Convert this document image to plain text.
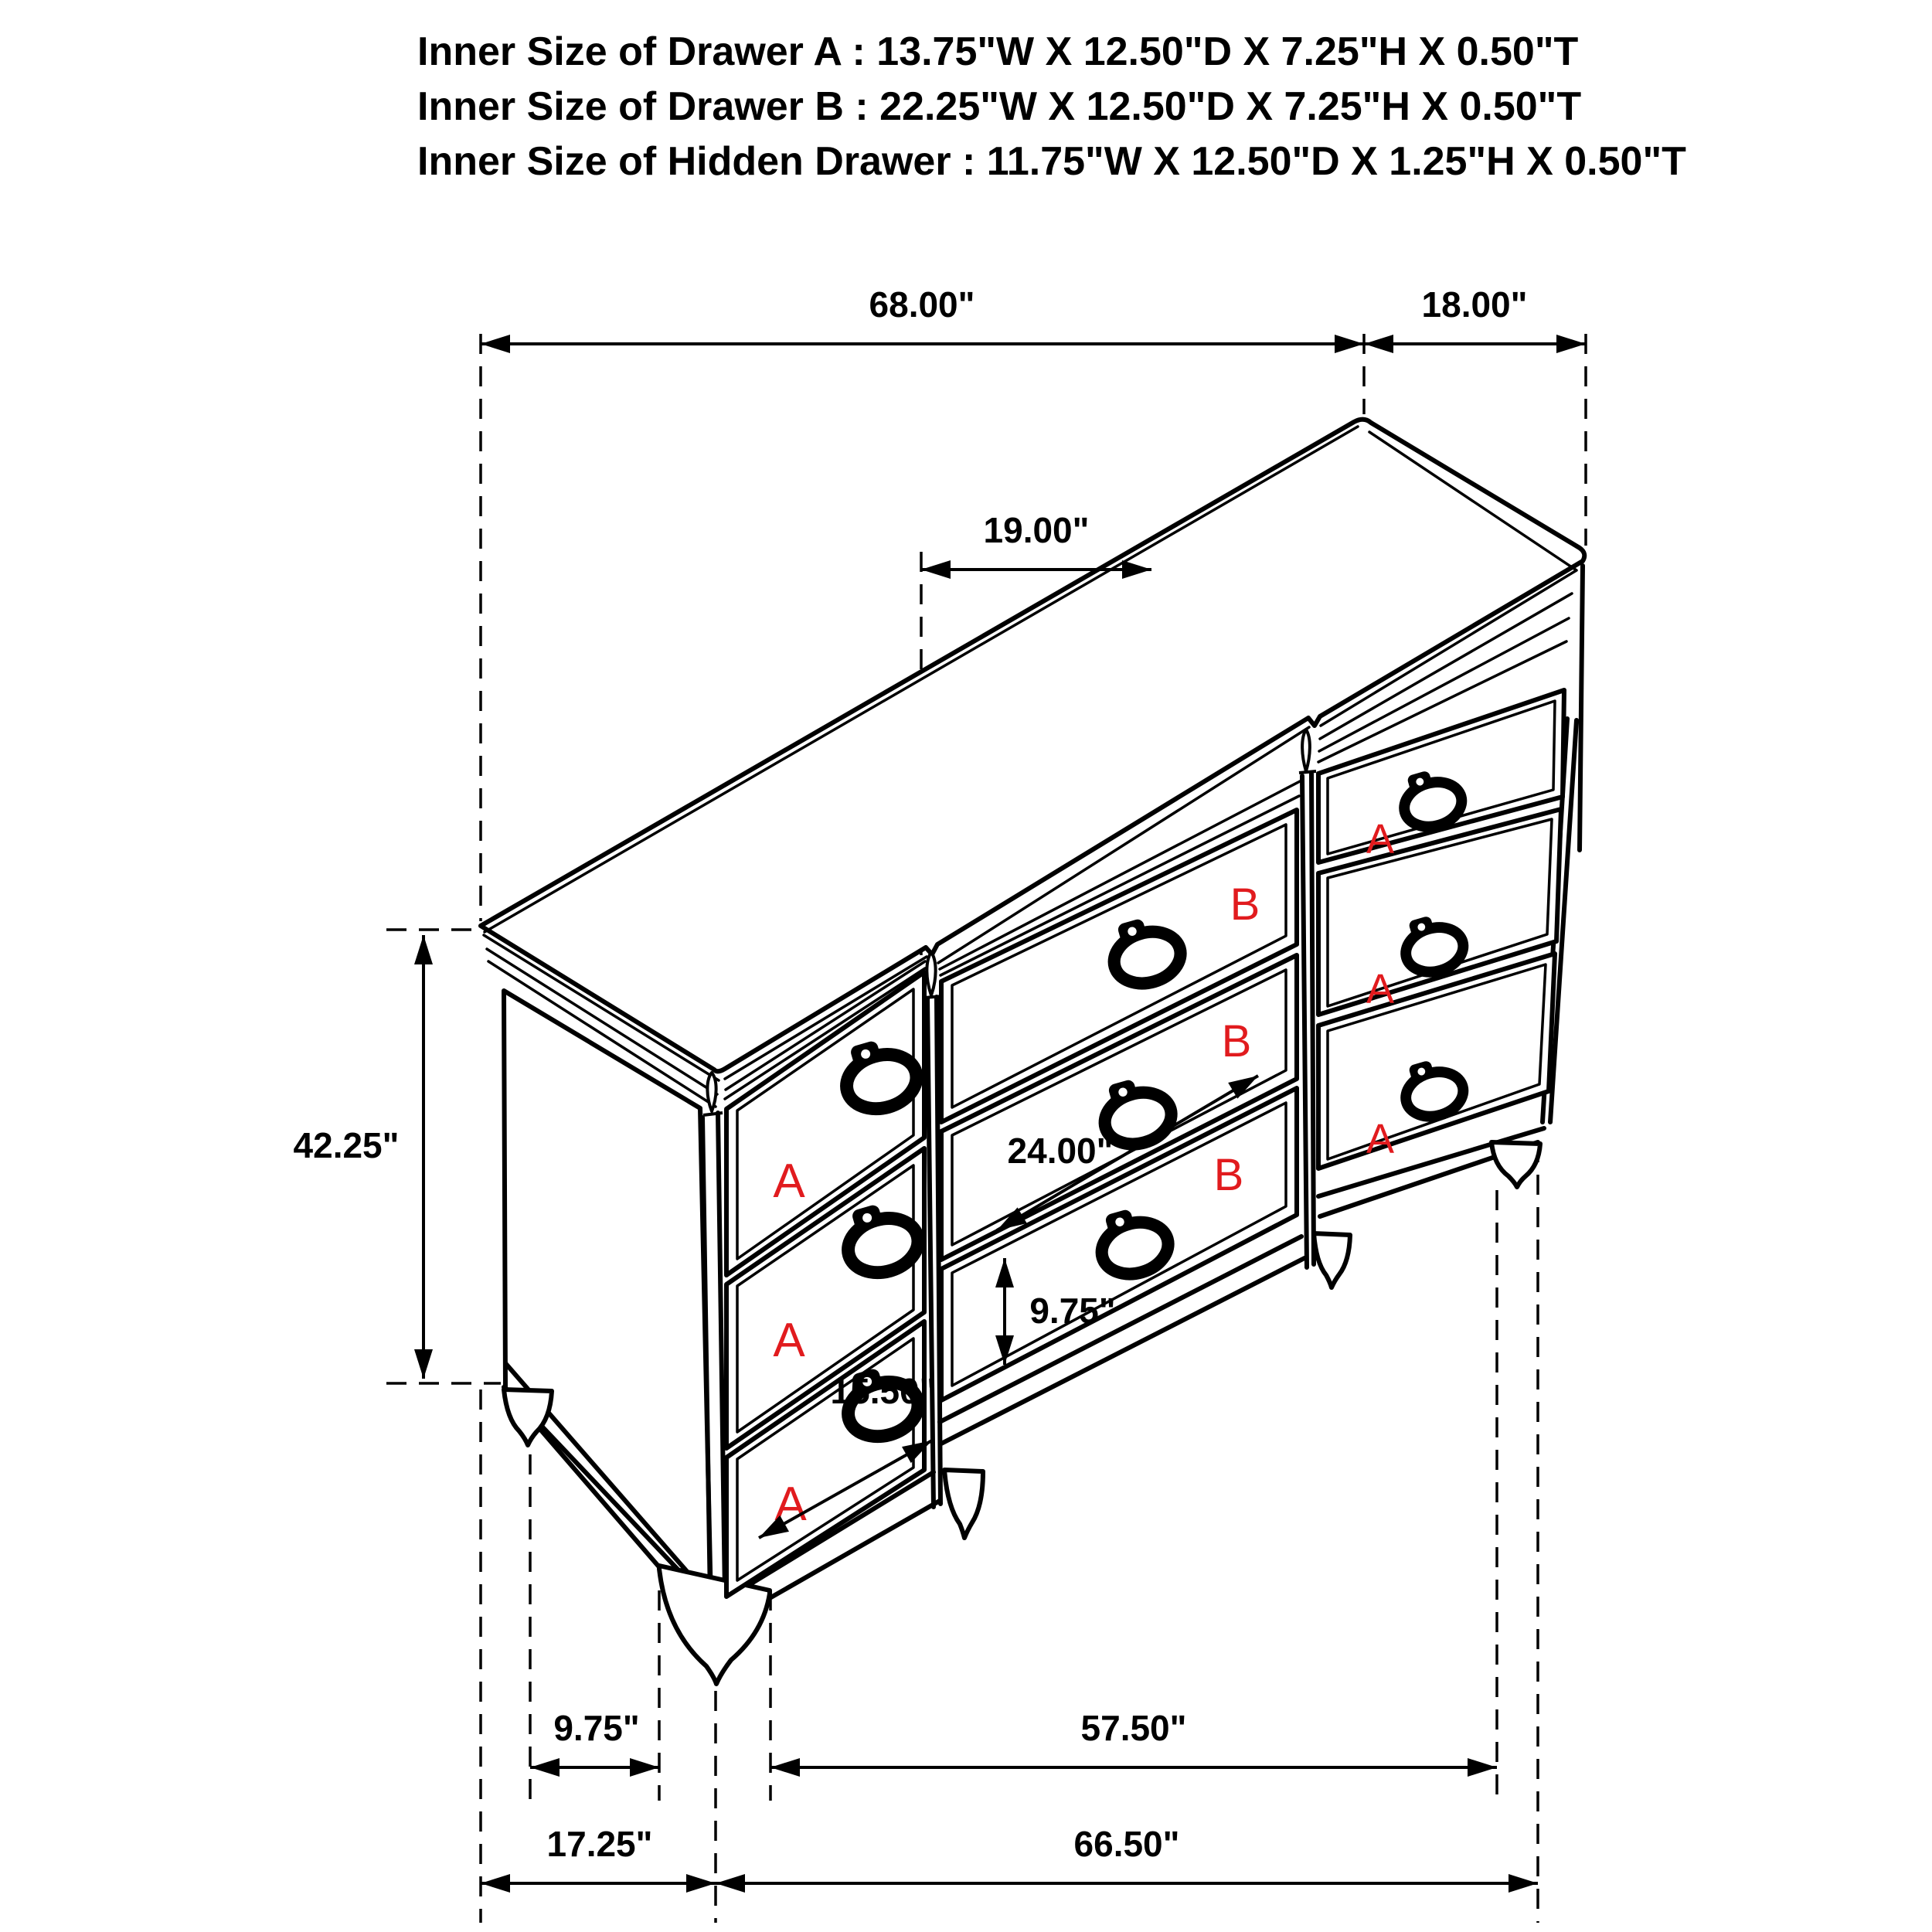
Inner Size of Drawer A : 13.75"W X 12.50"D X 7.25"H X 0.50"T
Inner Size of Drawer B : 22.25"W X 12.50"D X 7.25"H X 0.50"T
Inner Size of Hidden Drawer : 11.75"W X 12.50"D X 1.25"H X 0.50"T
A
A
A
B
B
B
A
A
A
68.00"	18.00"
19.00"
42.25"	24.00"
9.75"
15.50"
9.75"	57.50"
17.25"	66.50"
